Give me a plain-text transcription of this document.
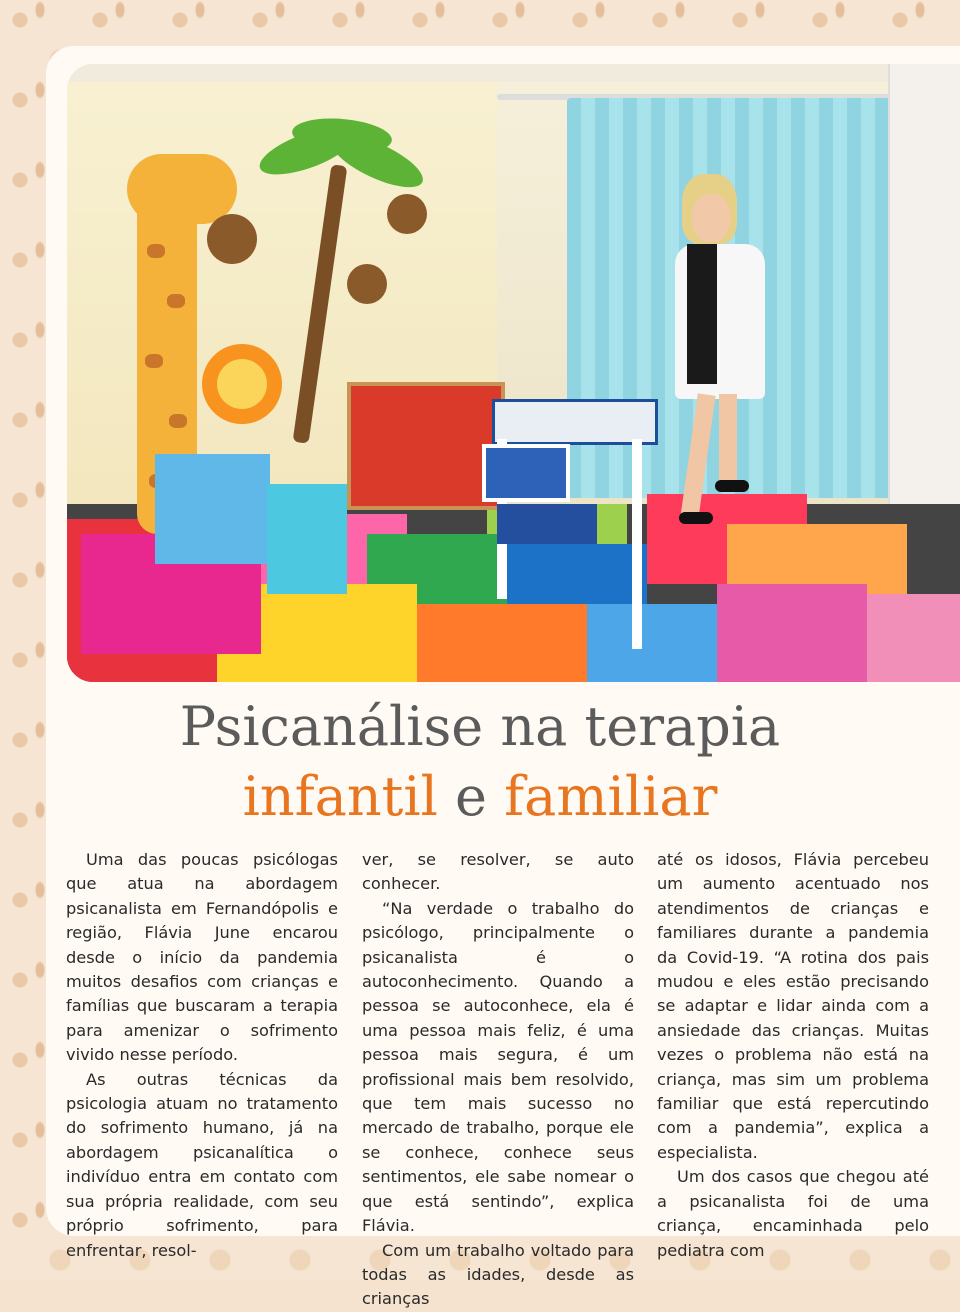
Psicanálise na terapia
infantil e familiar

Uma das poucas psicólogas que atua na abordagem psicanalista em Fernandópolis e região, Flávia June encarou desde o início da pandemia muitos desafios com crianças e famílias que buscaram a terapia para amenizar o sofrimento vivido nesse período.

As outras técnicas da psicologia atuam no tratamento do sofrimento humano, já na abordagem psicanalítica o indivíduo entra em contato com sua própria realidade, com seu próprio sofrimento, para enfrentar, resol-

ver, se resolver, se auto conhecer.

“Na verdade o trabalho do psicólogo, principalmente o psicanalista é o autoconhecimento. Quando a pessoa se autoconhece, ela é uma pessoa mais feliz, é uma pessoa mais segura, é um profissional mais bem resolvido, que tem mais sucesso no mercado de trabalho, porque ele se conhece, conhece seus sentimentos, ele sabe nomear o que está sentindo”, explica Flávia.

Com um trabalho voltado para todas as idades, desde as crianças

até os idosos, Flávia percebeu um aumento acentuado nos atendimentos de crianças e familiares durante a pandemia da Covid-19. “A rotina dos pais mudou e eles estão precisando se adaptar e lidar ainda com a ansiedade das crianças. Muitas vezes o problema não está na criança, mas sim um problema familiar que está repercutindo com a pandemia”, explica a especialista.

Um dos casos que chegou até a psicanalista foi de uma criança, encaminhada pelo pediatra com
